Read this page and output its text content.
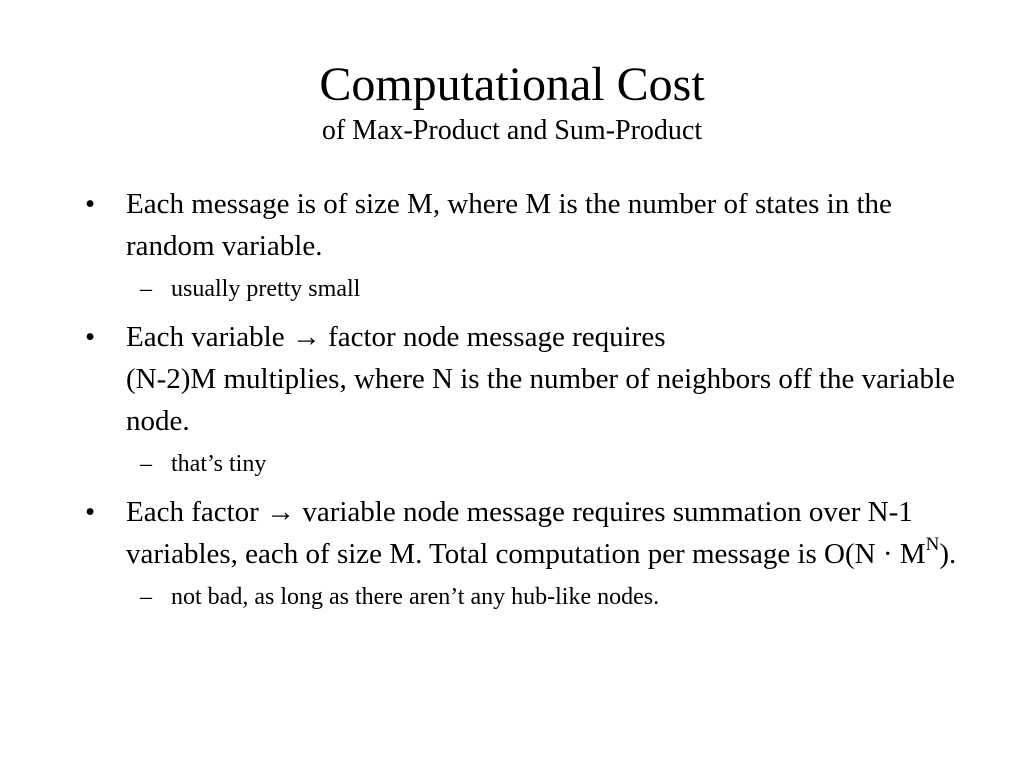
Computational Cost
of Max-Product and Sum-Product
• Each message is of size M, where M is the number of states in the random variable.
– usually pretty small
• Each variable → factor node message requires
(N-2)M multiplies, where N is the number of neighbors off the variable node.
– that’s tiny
• Each factor → variable node message requires summation over N-1 variables, each of size M. Total computation per message is $O(N \cdot M^N)$.
– not bad, as long as there aren’t any hub-like nodes.
